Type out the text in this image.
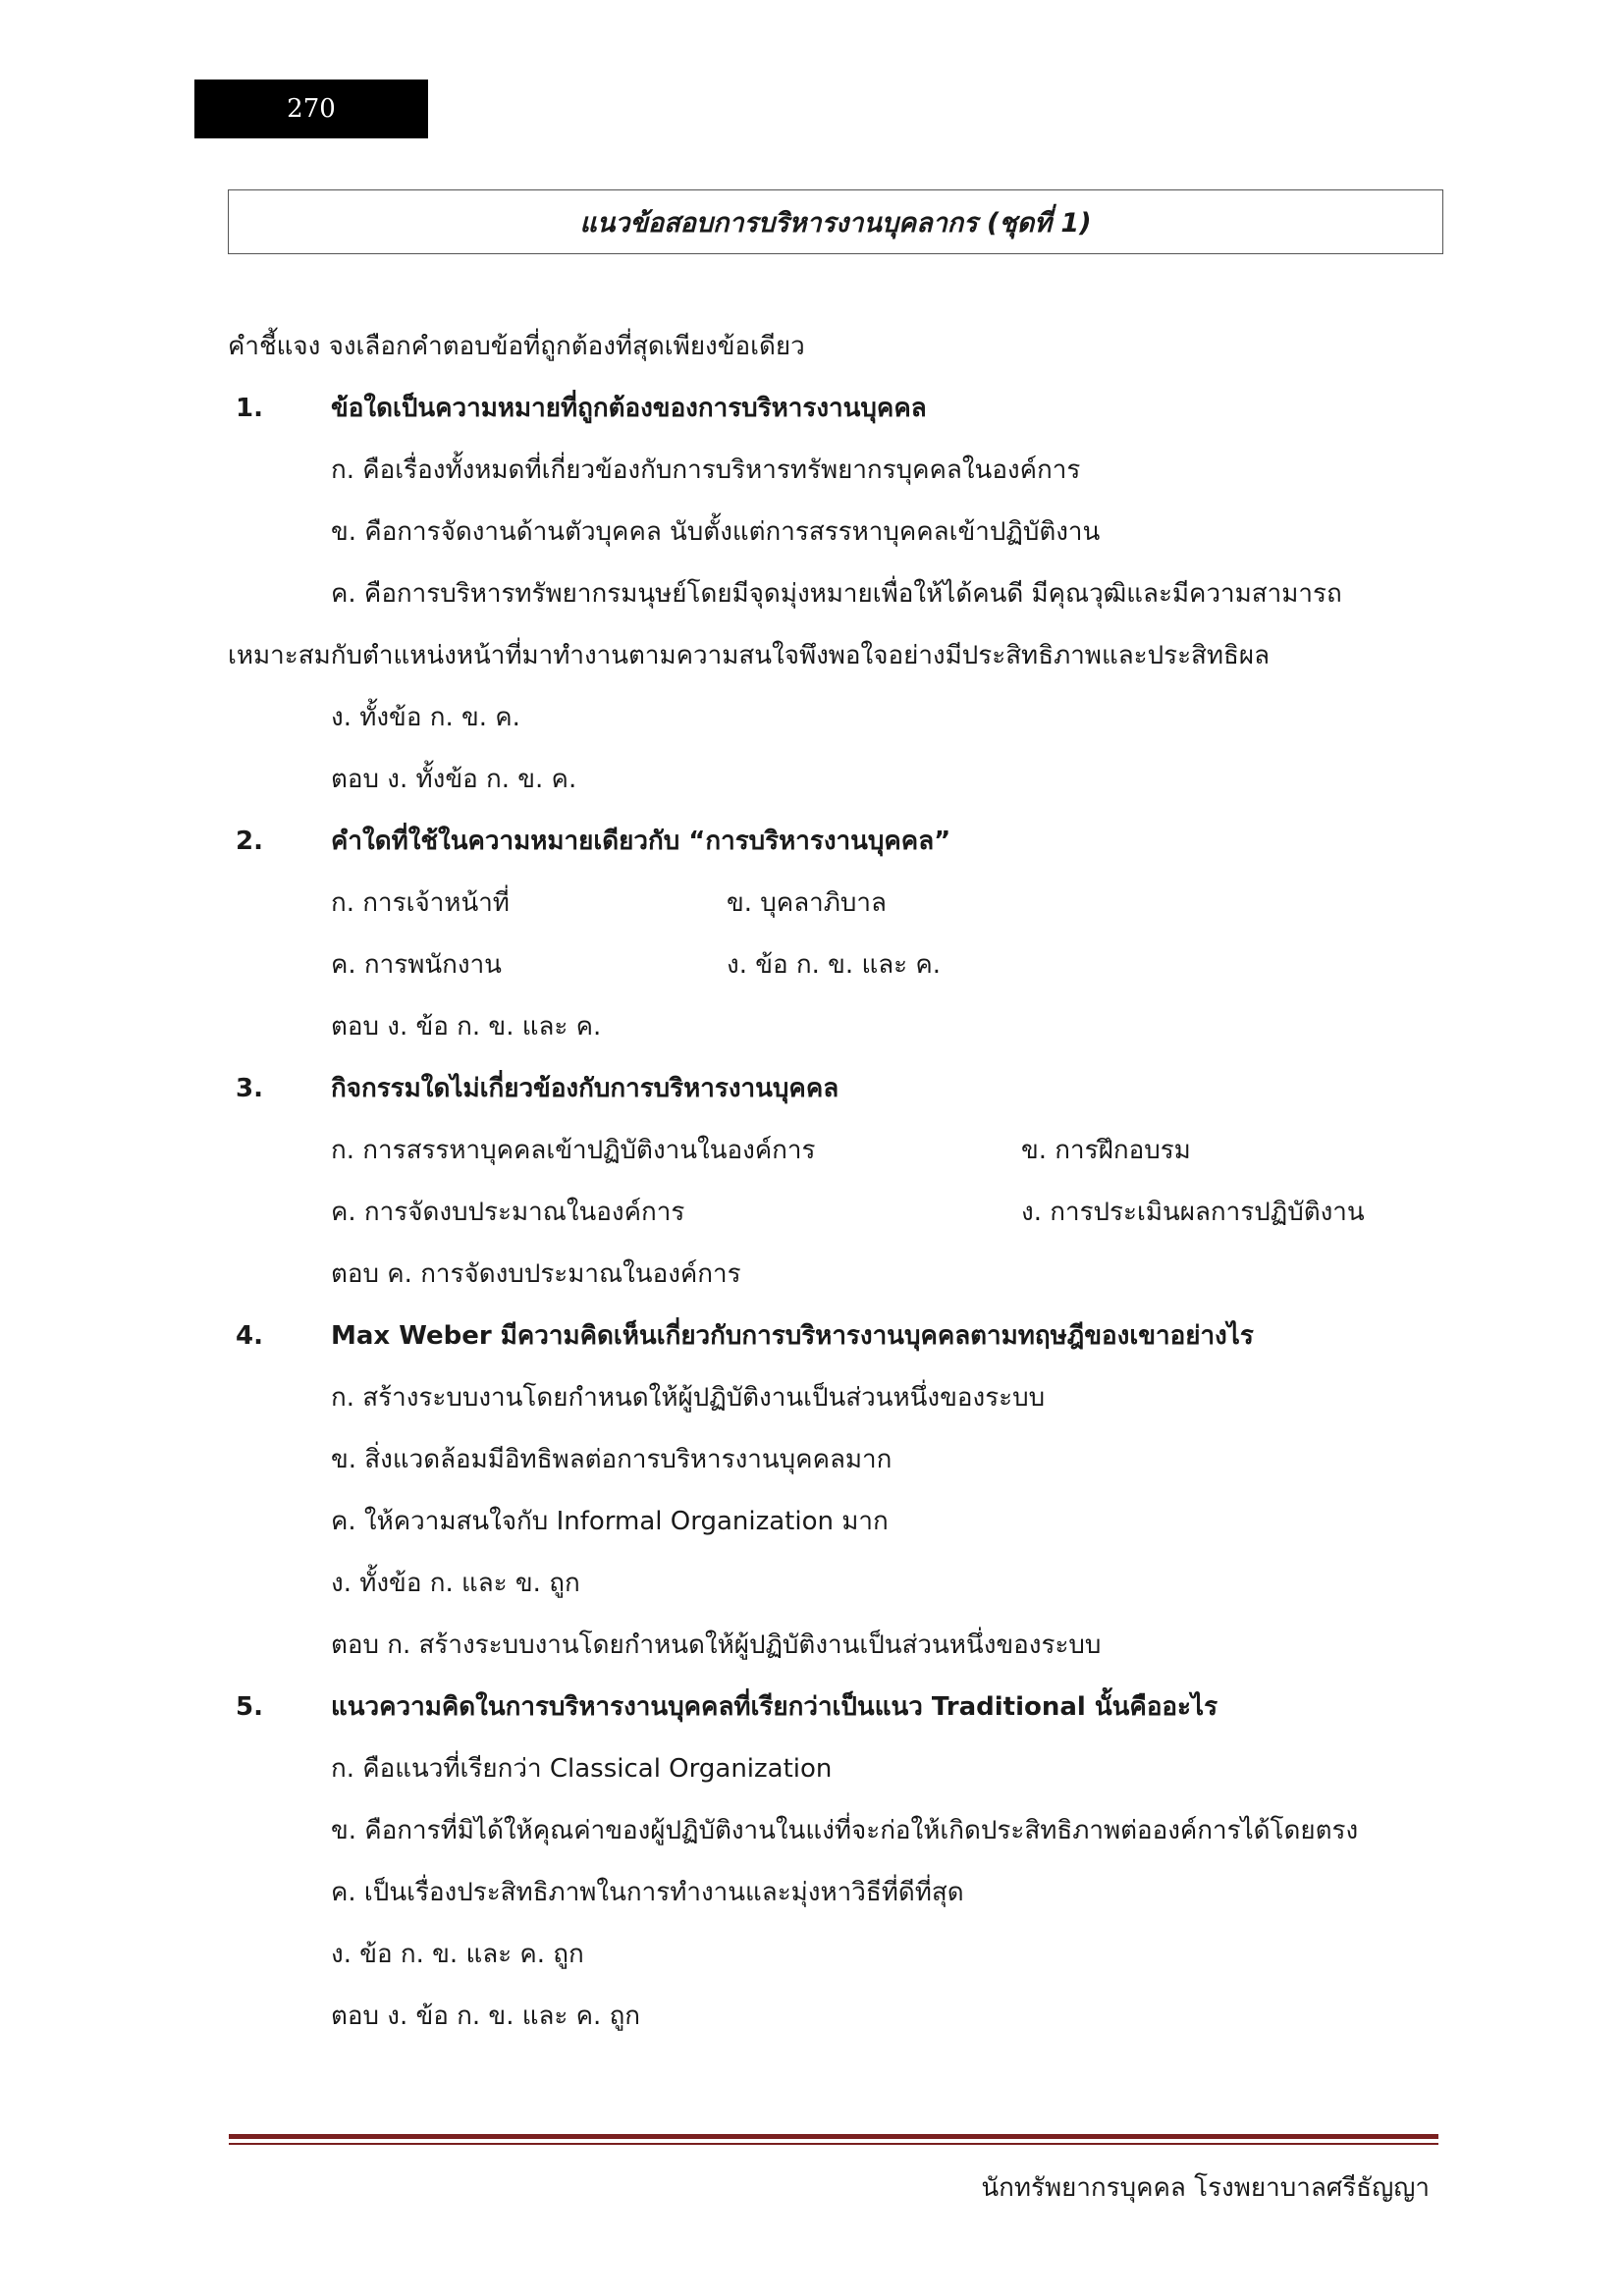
270
แนวข้อสอบการบริหารงานบุคลากร (ชุดที่ 1)
คำชี้แจง จงเลือกคำตอบข้อที่ถูกต้องที่สุดเพียงข้อเดียว
1.	ข้อใดเป็นความหมายที่ถูกต้องของการบริหารงานบุคคล
ก. คือเรื่องทั้งหมดที่เกี่ยวข้องกับการบริหารทรัพยากรบุคคลในองค์การ
ข. คือการจัดงานด้านตัวบุคคล นับตั้งแต่การสรรหาบุคคลเข้าปฏิบัติงาน
ค. คือการบริหารทรัพยากรมนุษย์โดยมีจุดมุ่งหมายเพื่อให้ได้คนดี มีคุณวุฒิและมีความสามารถ
เหมาะสมกับตำแหน่งหน้าที่มาทำงานตามความสนใจพึงพอใจอย่างมีประสิทธิภาพและประสิทธิผล
ง. ทั้งข้อ ก. ข. ค.
ตอบ ง. ทั้งข้อ ก. ข. ค.
2.	คำใดที่ใช้ในความหมายเดียวกับ “การบริหารงานบุคคล”
ก. การเจ้าหน้าที่	ข. บุคลาภิบาล
ค. การพนักงาน	ง. ข้อ ก. ข. และ ค.
ตอบ ง. ข้อ ก. ข. และ ค.
3.	กิจกรรมใดไม่เกี่ยวข้องกับการบริหารงานบุคคล
ก. การสรรหาบุคคลเข้าปฏิบัติงานในองค์การ	ข. การฝึกอบรม
ค. การจัดงบประมาณในองค์การ	ง. การประเมินผลการปฏิบัติงาน
ตอบ ค. การจัดงบประมาณในองค์การ
4.	Max Weber มีความคิดเห็นเกี่ยวกับการบริหารงานบุคคลตามทฤษฎีของเขาอย่างไร
ก. สร้างระบบงานโดยกำหนดให้ผู้ปฏิบัติงานเป็นส่วนหนึ่งของระบบ
ข. สิ่งแวดล้อมมีอิทธิพลต่อการบริหารงานบุคคลมาก
ค. ให้ความสนใจกับ Informal Organization มาก
ง. ทั้งข้อ ก. และ ข. ถูก
ตอบ ก. สร้างระบบงานโดยกำหนดให้ผู้ปฏิบัติงานเป็นส่วนหนึ่งของระบบ
5.	แนวความคิดในการบริหารงานบุคคลที่เรียกว่าเป็นแนว Traditional นั้นคืออะไร
ก. คือแนวที่เรียกว่า Classical Organization
ข. คือการที่มิได้ให้คุณค่าของผู้ปฏิบัติงานในแง่ที่จะก่อให้เกิดประสิทธิภาพต่อองค์การได้โดยตรง
ค. เป็นเรื่องประสิทธิภาพในการทำงานและมุ่งหาวิธีที่ดีที่สุด
ง. ข้อ ก. ข. และ ค. ถูก
ตอบ ง. ข้อ ก. ข. และ ค. ถูก
นักทรัพยากรบุคคล โรงพยาบาลศรีธัญญา
